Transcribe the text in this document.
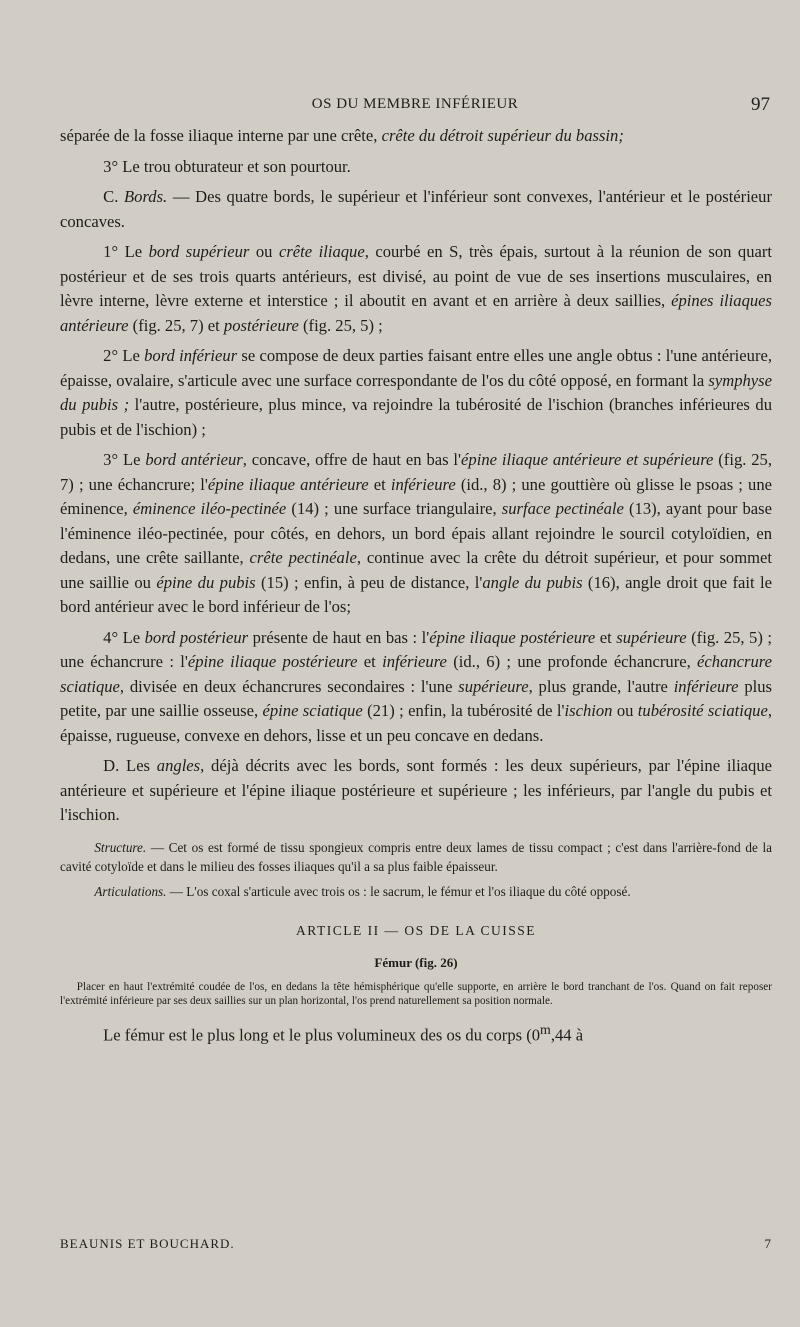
OS DU MEMBRE INFÉRIEUR	97

séparée de la fosse iliaque interne par une crête, crête du détroit supérieur du bassin;

3° Le trou obturateur et son pourtour.

C. Bords. — Des quatre bords, le supérieur et l'inférieur sont convexes, l'antérieur et le postérieur concaves.

1° Le bord supérieur ou crête iliaque, courbé en S, très épais, surtout à la réunion de son quart postérieur et de ses trois quarts antérieurs, est divisé, au point de vue de ses insertions musculaires, en lèvre interne, lèvre externe et interstice ; il aboutit en avant et en arrière à deux saillies, épines iliaques antérieure (fig. 25, 7) et postérieure (fig. 25, 5) ;

2° Le bord inférieur se compose de deux parties faisant entre elles une angle obtus : l'une antérieure, épaisse, ovalaire, s'articule avec une surface correspondante de l'os du côté opposé, en formant la symphyse du pubis ; l'autre, postérieure, plus mince, va rejoindre la tubérosité de l'ischion (branches inférieures du pubis et de l'ischion) ;

3° Le bord antérieur, concave, offre de haut en bas l'épine iliaque antérieure et supérieure (fig. 25, 7) ; une échancrure; l'épine iliaque antérieure et inférieure (id., 8) ; une gouttière où glisse le psoas ; une éminence, éminence iléo-pectinée (14) ; une surface triangulaire, surface pectinéale (13), ayant pour base l'éminence iléo-pectinée, pour côtés, en dehors, un bord épais allant rejoindre le sourcil cotyloïdien, en dedans, une crête saillante, crête pectinéale, continue avec la crête du détroit supérieur, et pour sommet une saillie ou épine du pubis (15) ; enfin, à peu de distance, l'angle du pubis (16), angle droit que fait le bord antérieur avec le bord inférieur de l'os;

4° Le bord postérieur présente de haut en bas : l'épine iliaque postérieure et supérieure (fig. 25, 5) ; une échancrure : l'épine iliaque postérieure et inférieure (id., 6) ; une profonde échancrure, échancrure sciatique, divisée en deux échancrures secondaires : l'une supérieure, plus grande, l'autre inférieure plus petite, par une saillie osseuse, épine sciatique (21) ; enfin, la tubérosité de l'ischion ou tubérosité sciatique, épaisse, rugueuse, convexe en dehors, lisse et un peu concave en dedans.

D. Les angles, déjà décrits avec les bords, sont formés : les deux supérieurs, par l'épine iliaque antérieure et supérieure et l'épine iliaque postérieure et supérieure ; les inférieurs, par l'angle du pubis et l'ischion.

Structure. — Cet os est formé de tissu spongieux compris entre deux lames de tissu compact ; c'est dans l'arrière-fond de la cavité cotyloïde et dans le milieu des fosses iliaques qu'il a sa plus faible épaisseur.

Articulations. — L'os coxal s'articule avec trois os : le sacrum, le fémur et l'os iliaque du côté opposé.

ARTICLE II — OS DE LA CUISSE

Fémur (fig. 26)

Placer en haut l'extrémité coudée de l'os, en dedans la tête hémisphérique qu'elle supporte, en arrière le bord tranchant de l'os. Quand on fait reposer l'extrémité inférieure par ses deux saillies sur un plan horizontal, l'os prend naturellement sa position normale.

Le fémur est le plus long et le plus volumineux des os du corps (0$^m$,44 à

BEAUNIS ET BOUCHARD.	7
